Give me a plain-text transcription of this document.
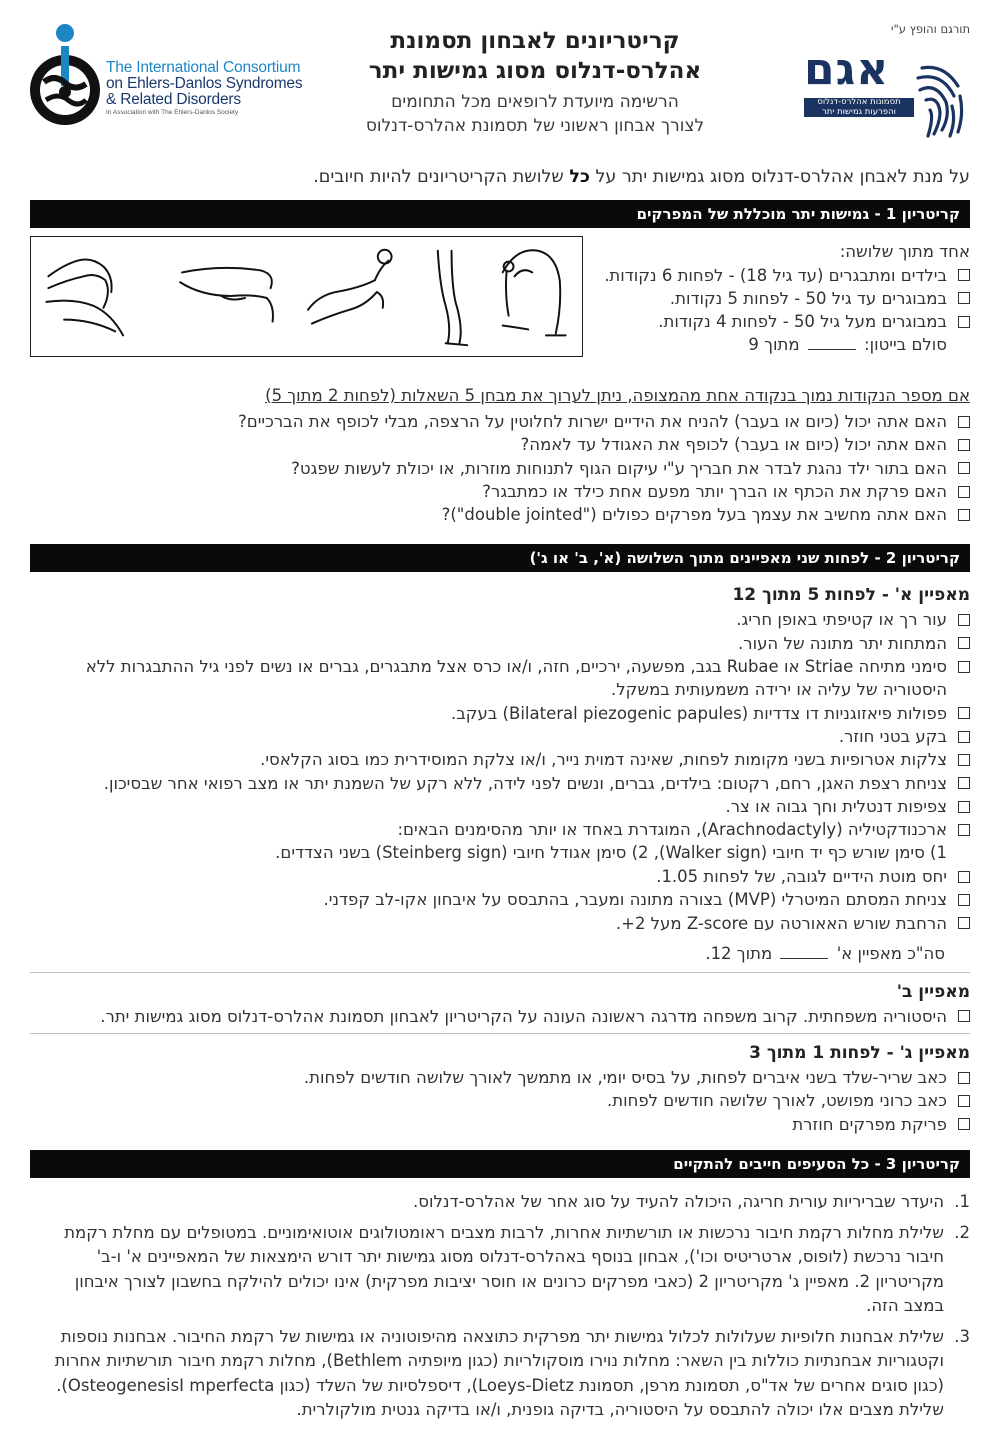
The International Consortium
on Ehlers-Danlos Syndromes
& Related Disorders
In Association with The Ehlers-Danlos Society
קריטריונים לאבחון תסמונת
אהלרס-דנלוס מסוג גמישות יתר
הרשימה מיועדת לרופאים מכל התחומים
לצורך אבחון ראשוני של תסמונת אהלרס-דנלוס
תורגם והופץ ע"י
אגם
תסמונות אהלרס-דנלוס
והפרעות גמישות יתר
על מנת לאבחן אהלרס-דנלוס מסוג גמישות יתר על כל שלושת הקריטריונים להיות חיובים.
קריטריון 1 - גמישות יתר מוכללת של המפרקים
אחד מתוך שלושה:
בילדים ומתבגרים (עד גיל 18) - לפחות 6 נקודות.
במבוגרים עד גיל 50 - לפחות 5 נקודות.
במבוגרים מעל גיל 50 - לפחות 4 נקודות.
סולם בייטון:  מתוך 9
אם מספר הנקודות נמוך בנקודה אחת מהמצופה, ניתן לערוך את מבחן 5 השאלות (לפחות 2 מתוך 5)
האם אתה יכול (כיום או בעבר) להניח את הידיים ישרות לחלוטין על הרצפה, מבלי לכופף את הברכיים?
האם אתה יכול (כיום או בעבר) לכופף את האגודל עד לאמה?
האם בתור ילד נהגת לבדר את חבריך ע"י עיקום הגוף לתנוחות מוזרות, או יכולת לעשות שפגט?
האם פרקת את הכתף או הברך יותר מפעם אחת כילד או כמתבגר?
האם אתה מחשיב את עצמך בעל מפרקים כפולים ("double jointed")?
קריטריון 2 - לפחות שני מאפיינים מתוך השלושה (א', ב' או ג')
מאפיין א' - לפחות 5 מתוך 12
עור רך או קטיפתי באופן חריג.
המתחות יתר מתונה של העור.
סימני מתיחה Striae או Rubae בגב, מפשעה, ירכיים, חזה, ו/או כרס אצל מתבגרים, גברים או נשים לפני גיל ההתבגרות ללא היסטוריה של עליה או ירידה משמעותית במשקל.
פפולות פיאזוגניות דו צדדיות (Bilateral piezogenic papules) בעקב.
בקע בטני חוזר.
צלקות אטרופיות בשני מקומות לפחות, שאינה דמוית נייר, ו/או צלקת המוסידרית כמו בסוג הקלאסי.
צניחת רצפת האגן, רחם, רקטום: בילדים, גברים, ונשים לפני לידה, ללא רקע של השמנת יתר או מצב רפואי אחר שבסיכון.
צפיפות דנטלית וחך גבוה או צר.
ארכנודקטיליה (Arachnodactyly), המוגדרת באחד או יותר מהסימנים הבאים:
1) סימן שורש כף יד חיובי (Walker sign), 2) סימן אגודל חיובי (Steinberg sign) בשני הצדדים.
יחס מוטת הידיים לגובה, של לפחות 1.05.
צניחת המסתם המיטרלי (MVP) בצורה מתונה ומעבר, בהתבסס על איבחון אקו-לב קפדני.
הרחבת שורש האאורטה עם Z-score מעל 2+.
סה"כ מאפיין א'  מתוך 12.
מאפיין ב'
היסטוריה משפחתית. קרוב משפחה מדרגה ראשונה העונה על הקריטריון לאבחון תסמונת אהלרס-דנלוס מסוג גמישות יתר.
מאפיין ג' - לפחות 1 מתוך 3
כאב שריר-שלד בשני איברים לפחות, על בסיס יומי, או מתמשך לאורך שלושה חודשים לפחות.
כאב כרוני מפושט, לאורך שלושה חודשים לפחות.
פריקת מפרקים חוזרת
קריטריון 3 - כל הסעיפים חייבים להתקיים
1.
היעדר שבריריות עורית חריגה, היכולה להעיד על סוג אחר של אהלרס-דנלוס.
2.
שלילת מחלות רקמת חיבור נרכשות או תורשתיות אחרות, לרבות מצבים ראומטולוגים אוטואימוניים. במטופלים עם מחלת רקמת חיבור נרכשת (לופוס, ארטריטיס וכו'), אבחון בנוסף באהלרס-דנלוס מסוג גמישות יתר דורש הימצאות של המאפיינים א' ו-ב' מקריטריון 2. מאפיין ג' מקריטריון 2 (כאבי מפרקים כרונים או חוסר יציבות מפרקית) אינו יכולים להילקח בחשבון לצורך איבחון במצב הזה.
3.
שלילת אבחנות חלופיות שעלולות לכלול גמישות יתר מפרקית כתוצאה מהיפוטוניה או גמישות של רקמת החיבור. אבחנות נוספות וקטגוריות אבחנתיות כוללות בין השאר: מחלות נוירו מוסקולריות (כגון מיופתיה Bethlem), מחלות רקמת חיבור תורשתיות אחרות (כגון סוגים אחרים של אד"ס, תסמונת מרפן, תסמונת Loeys-Dietz), דיספלסיות של השלד (כגון OsteogenesisI mperfecta). שלילת מצבים אלו יכולה להתבסס על היסטוריה, בדיקה גופנית, ו/או בדיקה גנטית מולקולרית.
